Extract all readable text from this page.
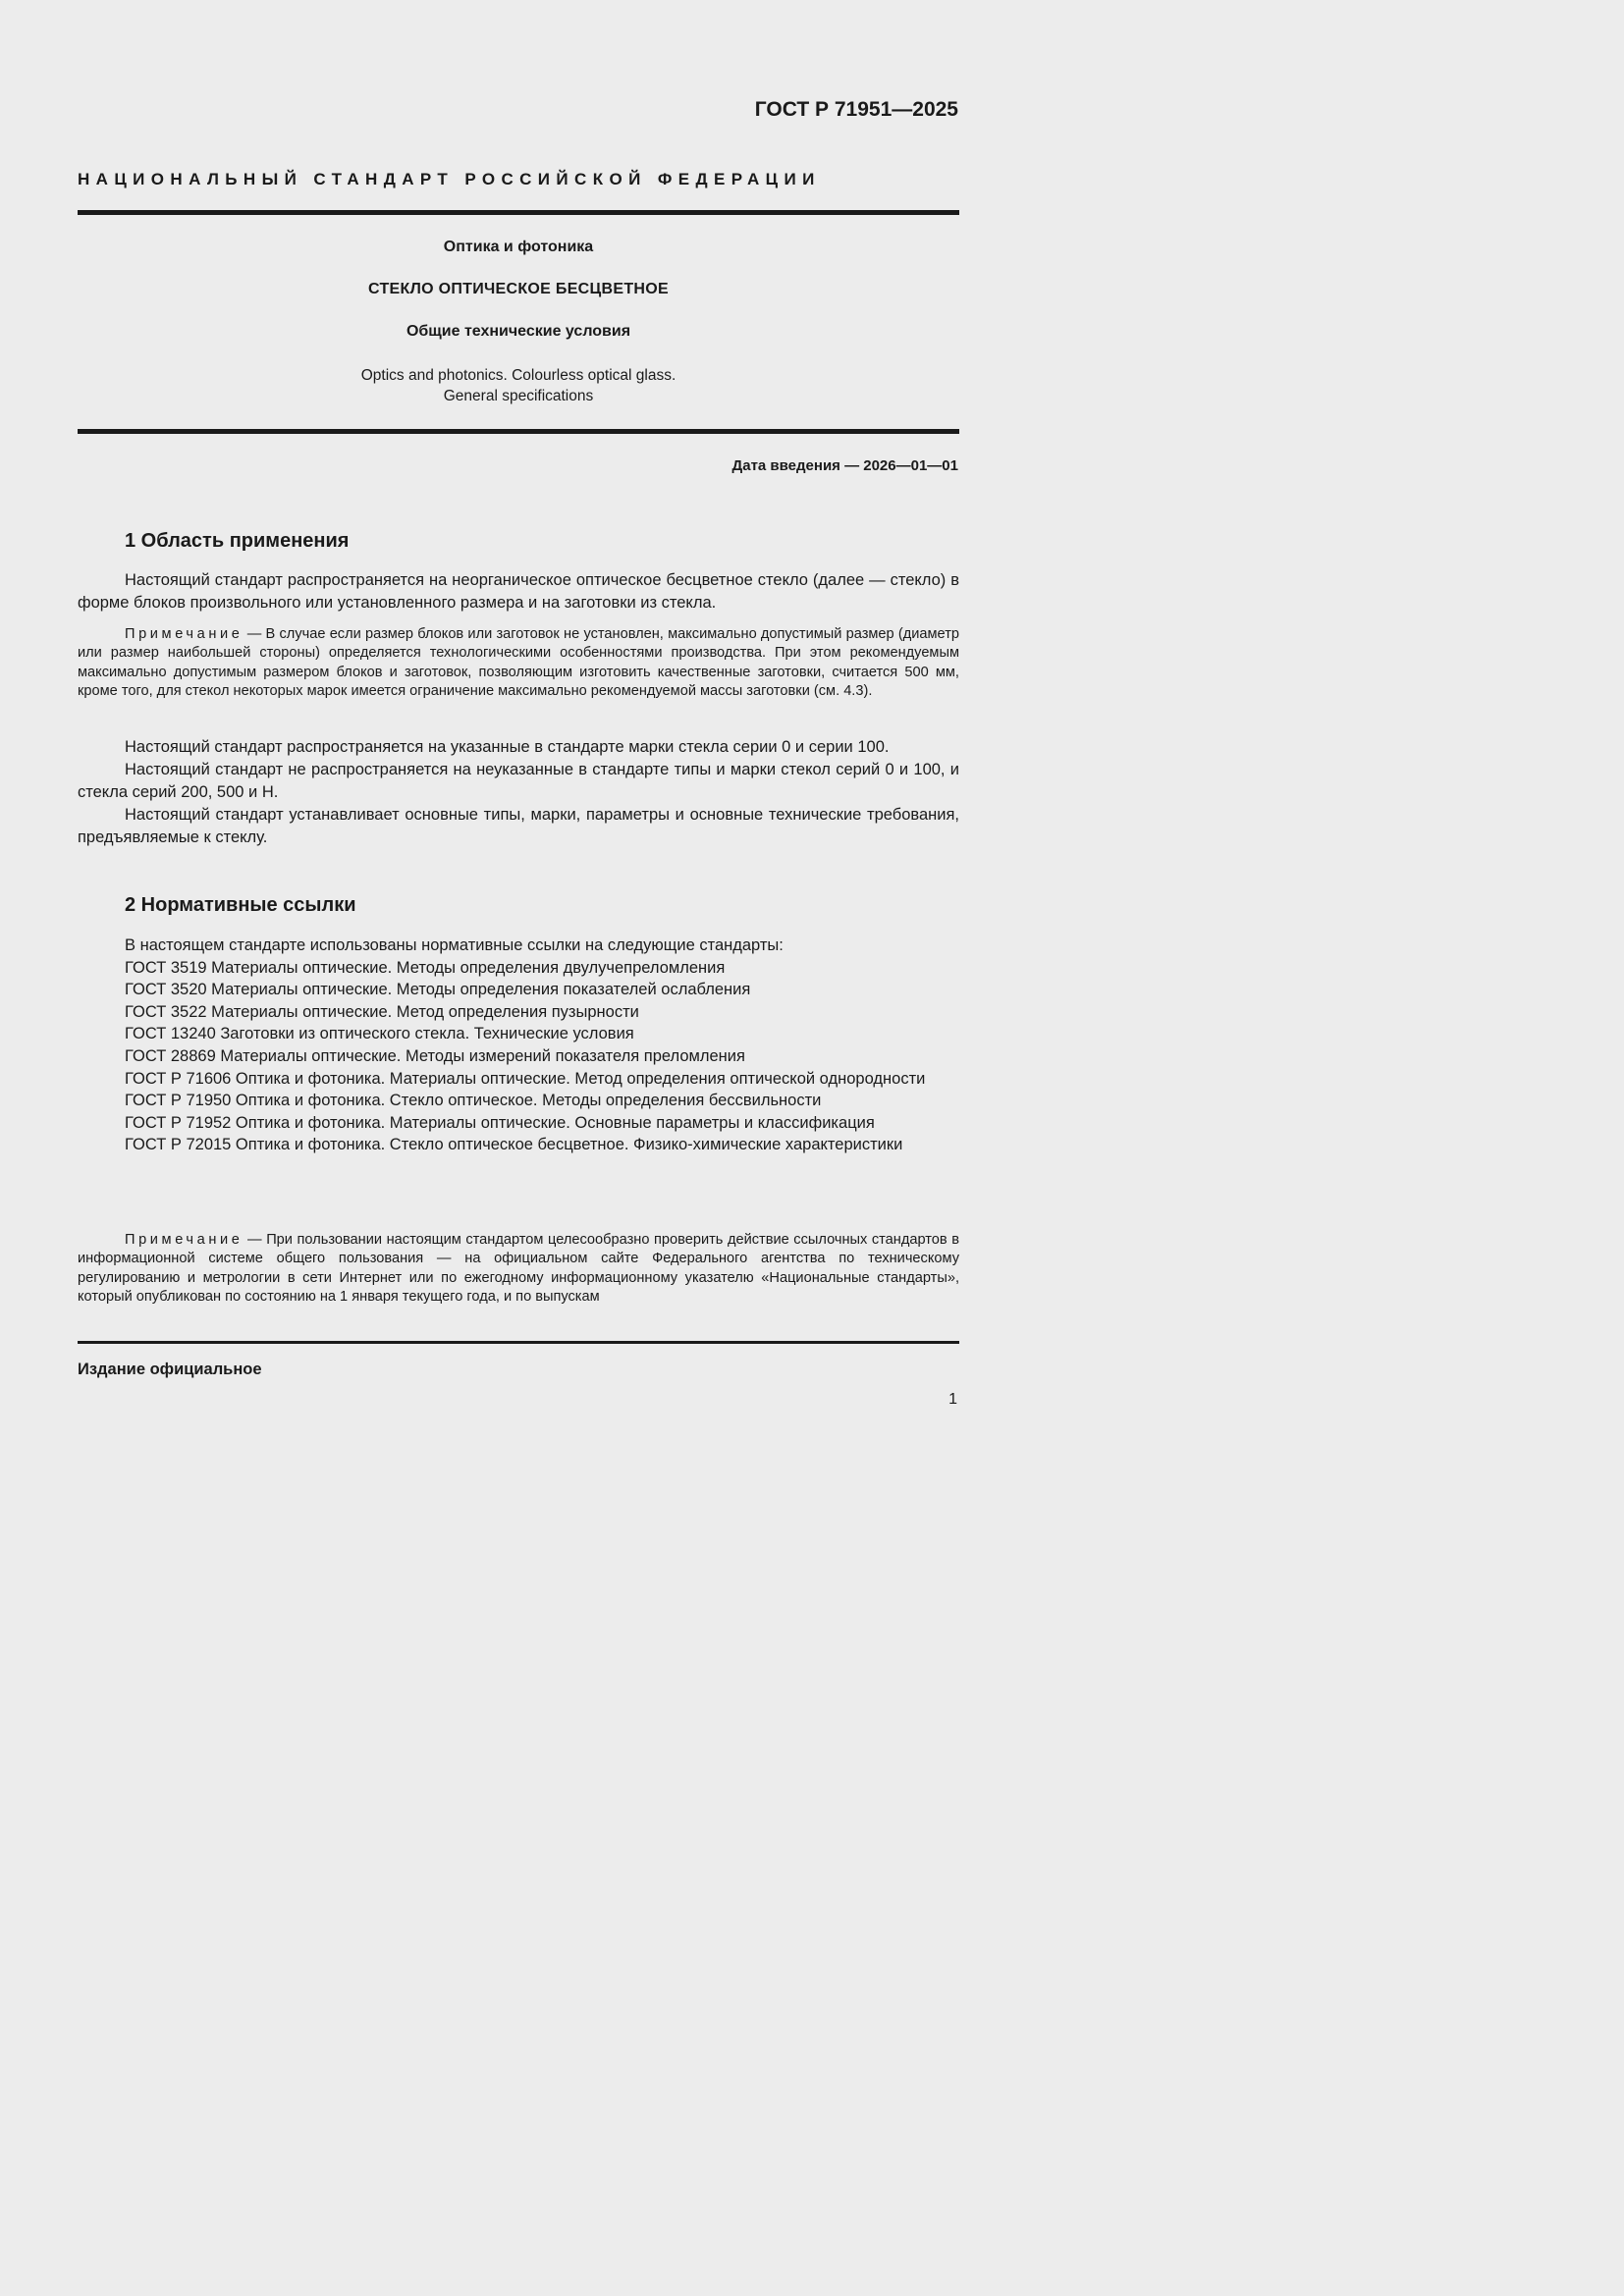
ГОСТ Р 71951—2025
НАЦИОНАЛЬНЫЙ СТАНДАРТ РОССИЙСКОЙ ФЕДЕРАЦИИ
Оптика и фотоника
СТЕКЛО ОПТИЧЕСКОЕ БЕСЦВЕТНОЕ
Общие технические условия
Optics and photonics. Colourless optical glass.
General specifications
Дата введения — 2026—01—01
1 Область применения

Настоящий стандарт распространяется на неорганическое оптическое бесцветное стекло (далее — стекло) в форме блоков произвольного или установленного размера и на заготовки из стекла.

Примечание — В случае если размер блоков или заготовок не установлен, максимально допустимый размер (диаметр или размер наибольшей стороны) определяется технологическими особенностями производства. При этом рекомендуемым максимально допустимым размером блоков и заготовок, позволяющим изготовить качественные заготовки, считается 500 мм, кроме того, для стекол некоторых марок имеется ограничение максимально рекомендуемой массы заготовки (см. 4.3).

Настоящий стандарт распространяется на указанные в стандарте марки стекла серии 0 и серии 100.

Настоящий стандарт не распространяется на неуказанные в стандарте типы и марки стекол серий 0 и 100, и стекла серий 200, 500 и Н.

Настоящий стандарт устанавливает основные типы, марки, параметры и основные технические требования, предъявляемые к стеклу.

2 Нормативные ссылки
В настоящем стандарте использованы нормативные ссылки на следующие стандарты:
ГОСТ 3519 Материалы оптические. Методы определения двулучепреломления
ГОСТ 3520 Материалы оптические. Методы определения показателей ослабления
ГОСТ 3522 Материалы оптические. Метод определения пузырности
ГОСТ 13240 Заготовки из оптического стекла. Технические условия
ГОСТ 28869 Материалы оптические. Методы измерений показателя преломления
ГОСТ Р 71606 Оптика и фотоника. Материалы оптические. Метод определения оптической однородности
ГОСТ Р 71950 Оптика и фотоника. Стекло оптическое. Методы определения бессвильности
ГОСТ Р 71952 Оптика и фотоника. Материалы оптические. Основные параметры и классификация
ГОСТ Р 72015 Оптика и фотоника. Стекло оптическое бесцветное. Физико-химические характеристики

Примечание — При пользовании настоящим стандартом целесообразно проверить действие ссылочных стандартов в информационной системе общего пользования — на официальном сайте Федерального агентства по техническому регулированию и метрологии в сети Интернет или по ежегодному информационному указателю «Национальные стандарты», который опубликован по состоянию на 1 января текущего года, и по выпускам

Издание официальное
1
